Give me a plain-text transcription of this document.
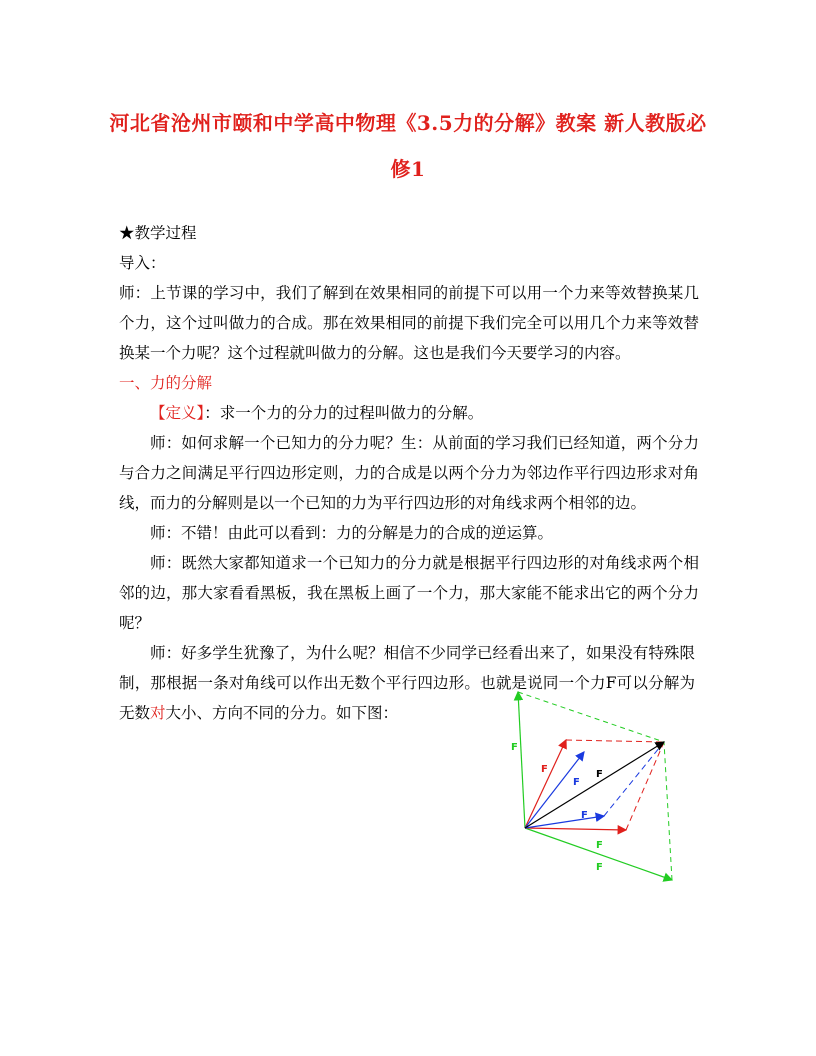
河北省沧州市颐和中学高中物理《3.5力的分解》教案 新人教版必修1

★教学过程

导入：

师：上节课的学习中，我们了解到在效果相同的前提下可以用一个力来等效替换某几个力，这个过叫做力的合成。那在效果相同的前提下我们完全可以用几个力来等效替换某一个力呢？这个过程就叫做力的分解。这也是我们今天要学习的内容。

一、力的分解

【定义】：求一个力的分力的过程叫做力的分解。

师：如何求解一个已知力的分力呢？生：从前面的学习我们已经知道，两个分力与合力之间满足平行四边形定则，力的合成是以两个分力为邻边作平行四边形求对角线，而力的分解则是以一个已知的力为平行四边形的对角线求两个相邻的边。

师：不错！由此可以看到：力的分解是力的合成的逆运算。

师：既然大家都知道求一个已知力的分力就是根据平行四边形的对角线求两个相邻的边，那大家看看黑板，我在黑板上画了一个力，那大家能不能求出它的两个分力呢？

师：好多学生犹豫了，为什么呢？相信不少同学已经看出来了，如果没有特殊限制，那根据一条对角线可以作出无数个平行四边形。也就是说同一个力F可以分解为无数对大小、方向不同的分力。如下图：

F
F
F
F
F
F
F
